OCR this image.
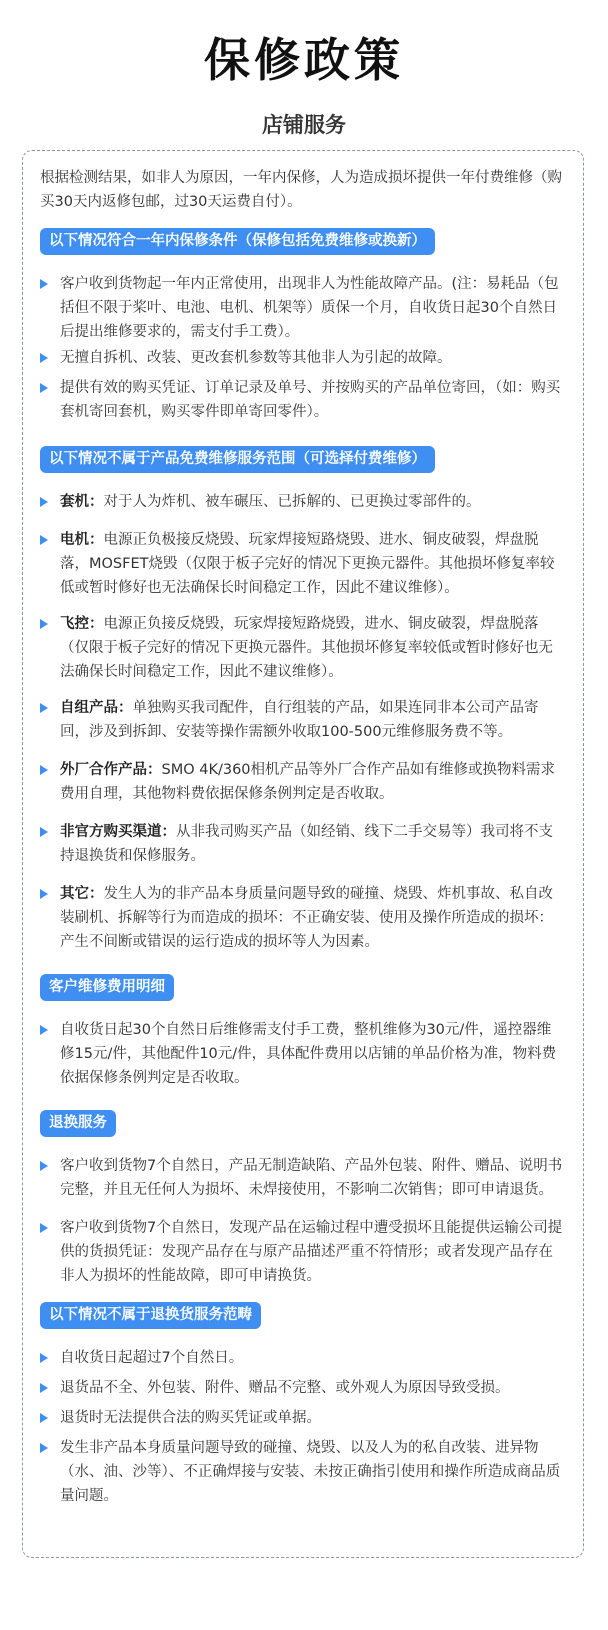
保修政策
店铺服务
根据检测结果，如非人为原因，一年内保修，人为造成损坏提供一年付费维修（购买30天内返修包邮，过30天运费自付）。
以下情况符合一年内保修条件（保修包括免费维修或换新）
客户收到货物起一年内正常使用，出现非人为性能故障产品。(注：易耗品（包括但不限于桨叶、电池、电机、机架等）质保一个月，自收货日起30个自然日后提出维修要求的，需支付手工费）。
无擅自拆机、改装、更改套机参数等其他非人为引起的故障。
提供有效的购买凭证、订单记录及单号、并按购买的产品单位寄回，（如：购买套机寄回套机，购买零件即单寄回零件）。
以下情况不属于产品免费维修服务范围（可选择付费维修）
套机：对于人为炸机、被车碾压、已拆解的、已更换过零部件的。
电机：电源正负极接反烧毁、玩家焊接短路烧毁、进水、铜皮破裂，焊盘脱落，MOSFET烧毁（仅限于板子完好的情况下更换元器件。其他损坏修复率较低或暂时修好也无法确保长时间稳定工作，因此不建议维修）。
飞控：电源正负接反烧毁，玩家焊接短路烧毁，进水、铜皮破裂，焊盘脱落（仅限于板子完好的情况下更换元器件。其他损坏修复率较低或暂时修好也无法确保长时间稳定工作，因此不建议维修）。
自组产品：单独购买我司配件，自行组装的产品，如果连同非本公司产品寄回，涉及到拆卸、安装等操作需额外收取100-500元维修服务费不等。
外厂合作产品：SMO 4K/360相机产品等外厂合作产品如有维修或换物料需求费用自理，其他物料费依据保修条例判定是否收取。
非官方购买渠道：从非我司购买产品（如经销、线下二手交易等）我司将不支持退换货和保修服务。
其它：发生人为的非产品本身质量问题导致的碰撞、烧毁、炸机事故、私自改装刷机、拆解等行为而造成的损坏：不正确安装、使用及操作所造成的损坏：产生不间断或错误的运行造成的损坏等人为因素。
客户维修费用明细
自收货日起30个自然日后维修需支付手工费，整机维修为30元/件，遥控器维修15元/件，其他配件10元/件，具体配件费用以店铺的单品价格为准，物料费依据保修条例判定是否收取。
退换服务
客户收到货物7个自然日，产品无制造缺陷、产品外包装、附件、赠品、说明书完整，并且无任何人为损坏、未焊接使用，不影响二次销售；即可申请退货。
客户收到货物7个自然日，发现产品在运输过程中遭受损坏且能提供运输公司提供的货损凭证：发现产品存在与原产品描述严重不符情形；或者发现产品存在非人为损坏的性能故障，即可申请换货。
以下情况不属于退换货服务范畴
自收货日起超过7个自然日。
退货品不全、外包装、附件、赠品不完整、或外观人为原因导致受损。
退货时无法提供合法的购买凭证或单据。
发生非产品本身质量问题导致的碰撞、烧毁、以及人为的私自改装、进异物（水、油、沙等）、不正确焊接与安装、未按正确指引使用和操作所造成商品质量问题。
